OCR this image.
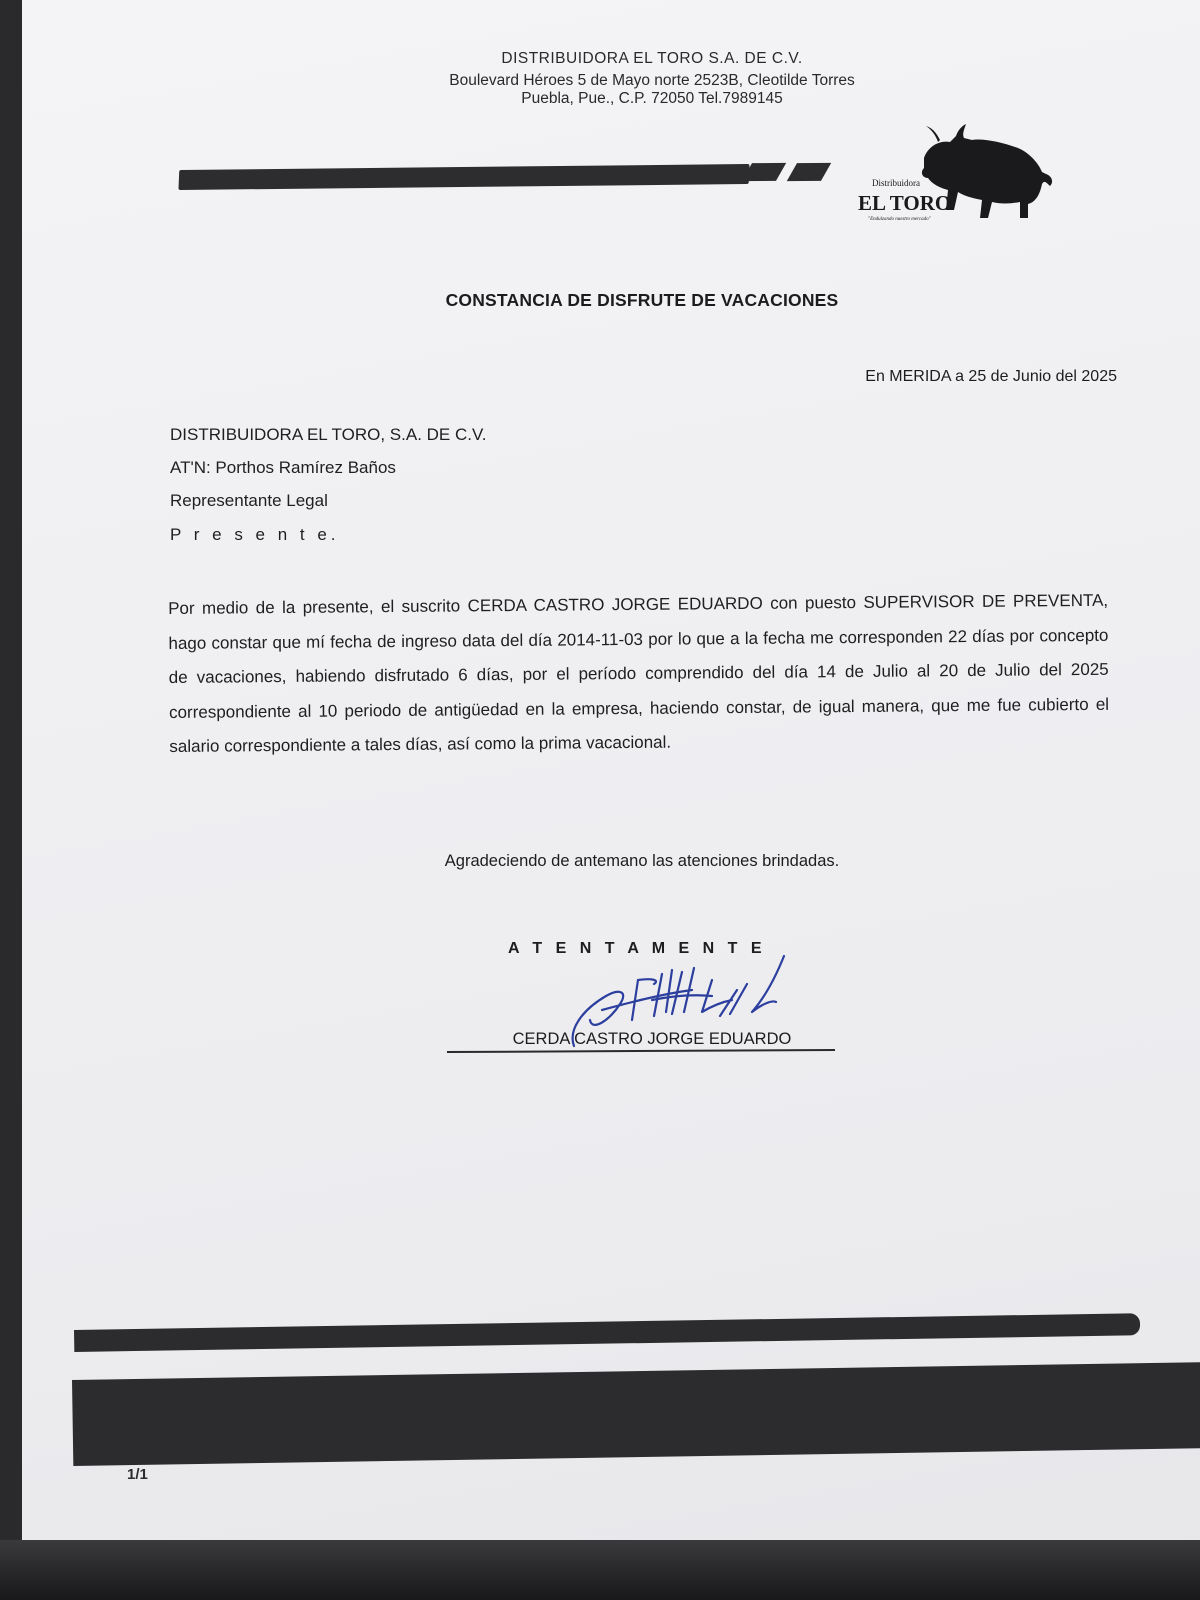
DISTRIBUIDORA EL TORO S.A. DE C.V.
Boulevard Héroes 5 de Mayo norte 2523B, Cleotilde Torres
Puebla, Pue., C.P. 72050 Tel.7989145
Distribuidora
EL TORO
"Endulzando nuestro mercado"
CONSTANCIA DE DISFRUTE DE VACACIONES
En MERIDA a 25 de Junio del 2025
DISTRIBUIDORA EL TORO, S.A. DE C.V.
AT'N: Porthos Ramírez Baños
Representante Legal
P r e s e n t e.
Por medio de la presente, el suscrito CERDA CASTRO JORGE EDUARDO con puesto SUPERVISOR DE PREVENTA, hago constar que mí fecha de ingreso data del día 2014-11-03 por lo que a la fecha me corresponden 22 días por concepto de vacaciones, habiendo disfrutado 6 días, por el período comprendido del día 14 de Julio al 20 de Julio del 2025 correspondiente al 10 periodo de antigüedad en la empresa, haciendo constar, de igual manera, que me fue cubierto el salario correspondiente a tales días, así como la prima vacacional.
Agradeciendo de antemano las atenciones brindadas.
A T E N T A M E N T E
CERDA CASTRO JORGE EDUARDO
1/1
